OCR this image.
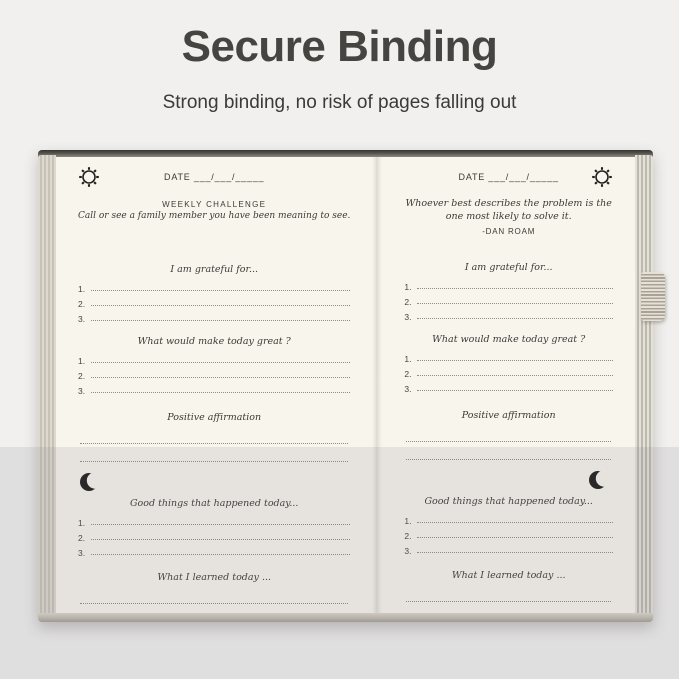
Secure Binding
Strong binding, no risk of pages falling out
DATE ___/___/_____
WEEKLY CHALLENGE
Call or see a family member you have been meaning to see.
I am grateful for...
1.
2.
3.
What would make today great ?
1.
2.
3.
Positive affirmation
Good things that happened today...
1.
2.
3.
What I learned today ...
DATE ___/___/_____
Whoever best describes the problem is the one most likely to solve it.
-DAN ROAM
I am grateful for...
1.
2.
3.
What would make today great ?
1.
2.
3.
Positive affirmation
Good things that happened today...
1.
2.
3.
What I learned today ...
